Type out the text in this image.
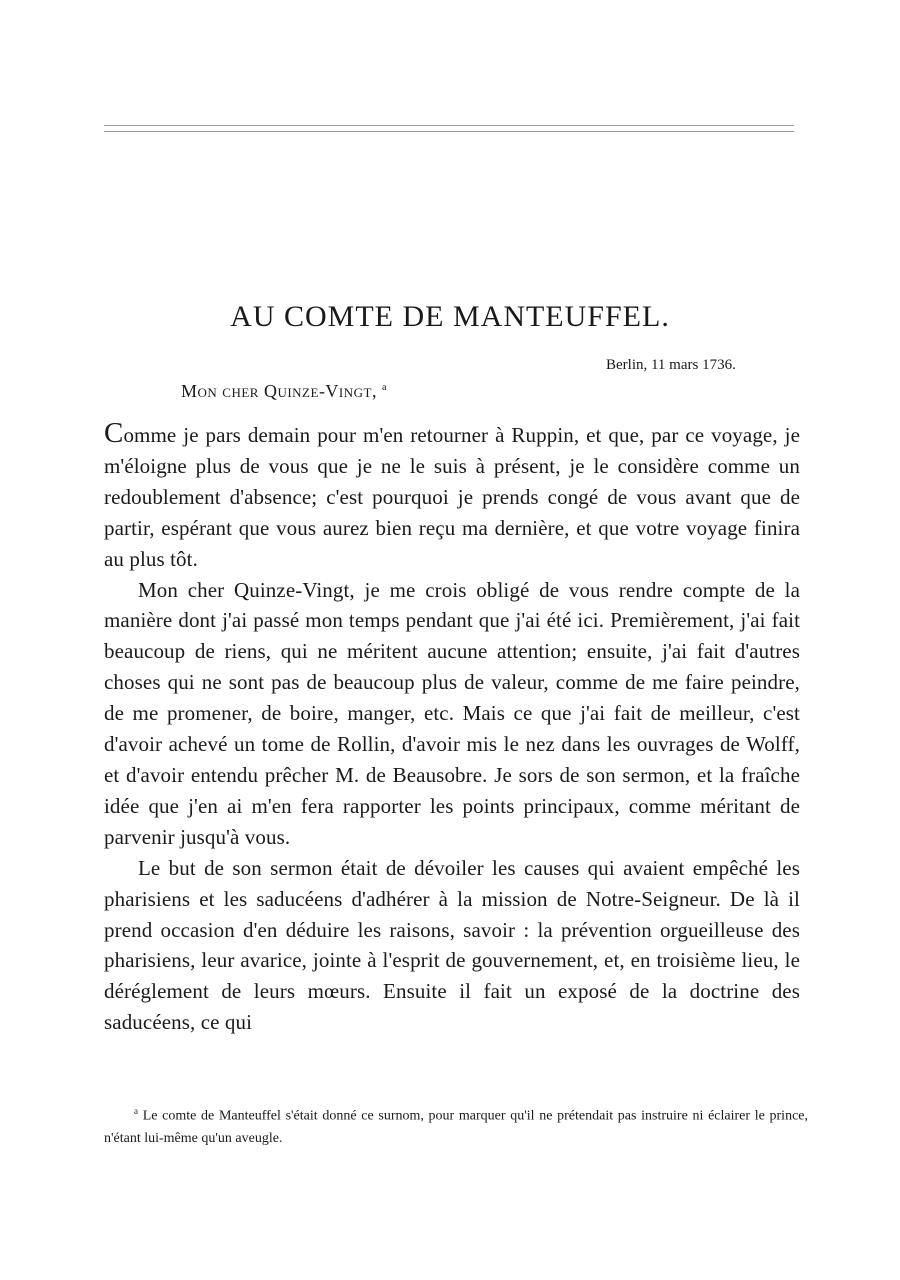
AU COMTE DE MANTEUFFEL.
Berlin, 11 mars 1736.
Mon cher Quinze-Vingt, $^a$

Comme je pars demain pour m'en retourner à Ruppin, et que, par ce voyage, je m'éloigne plus de vous que je ne le suis à présent, je le considère comme un redoublement d'absence; c'est pourquoi je prends congé de vous avant que de partir, espérant que vous aurez bien reçu ma dernière, et que votre voyage finira au plus tôt.

Mon cher Quinze-Vingt, je me crois obligé de vous rendre compte de la manière dont j'ai passé mon temps pendant que j'ai été ici. Premièrement, j'ai fait beaucoup de riens, qui ne méritent aucune attention; ensuite, j'ai fait d'autres choses qui ne sont pas de beaucoup plus de valeur, comme de me faire peindre, de me promener, de boire, manger, etc. Mais ce que j'ai fait de meilleur, c'est d'avoir achevé un tome de Rollin, d'avoir mis le nez dans les ouvrages de Wolff, et d'avoir entendu prêcher M. de Beausobre. Je sors de son sermon, et la fraîche idée que j'en ai m'en fera rapporter les points principaux, comme méritant de parvenir jusqu'à vous.

Le but de son sermon était de dévoiler les causes qui avaient empêché les pharisiens et les saducéens d'adhérer à la mission de Notre-Seigneur. De là il prend occasion d'en déduire les raisons, savoir : la prévention orgueilleuse des pharisiens, leur avarice, jointe à l'esprit de gouvernement, et, en troisième lieu, le déréglement de leurs mœurs. Ensuite il fait un exposé de la doctrine des saducéens, ce qui

$^a$ Le comte de Manteuffel s'était donné ce surnom, pour marquer qu'il ne prétendait pas instruire ni éclairer le prince, n'étant lui-même qu'un aveugle.
